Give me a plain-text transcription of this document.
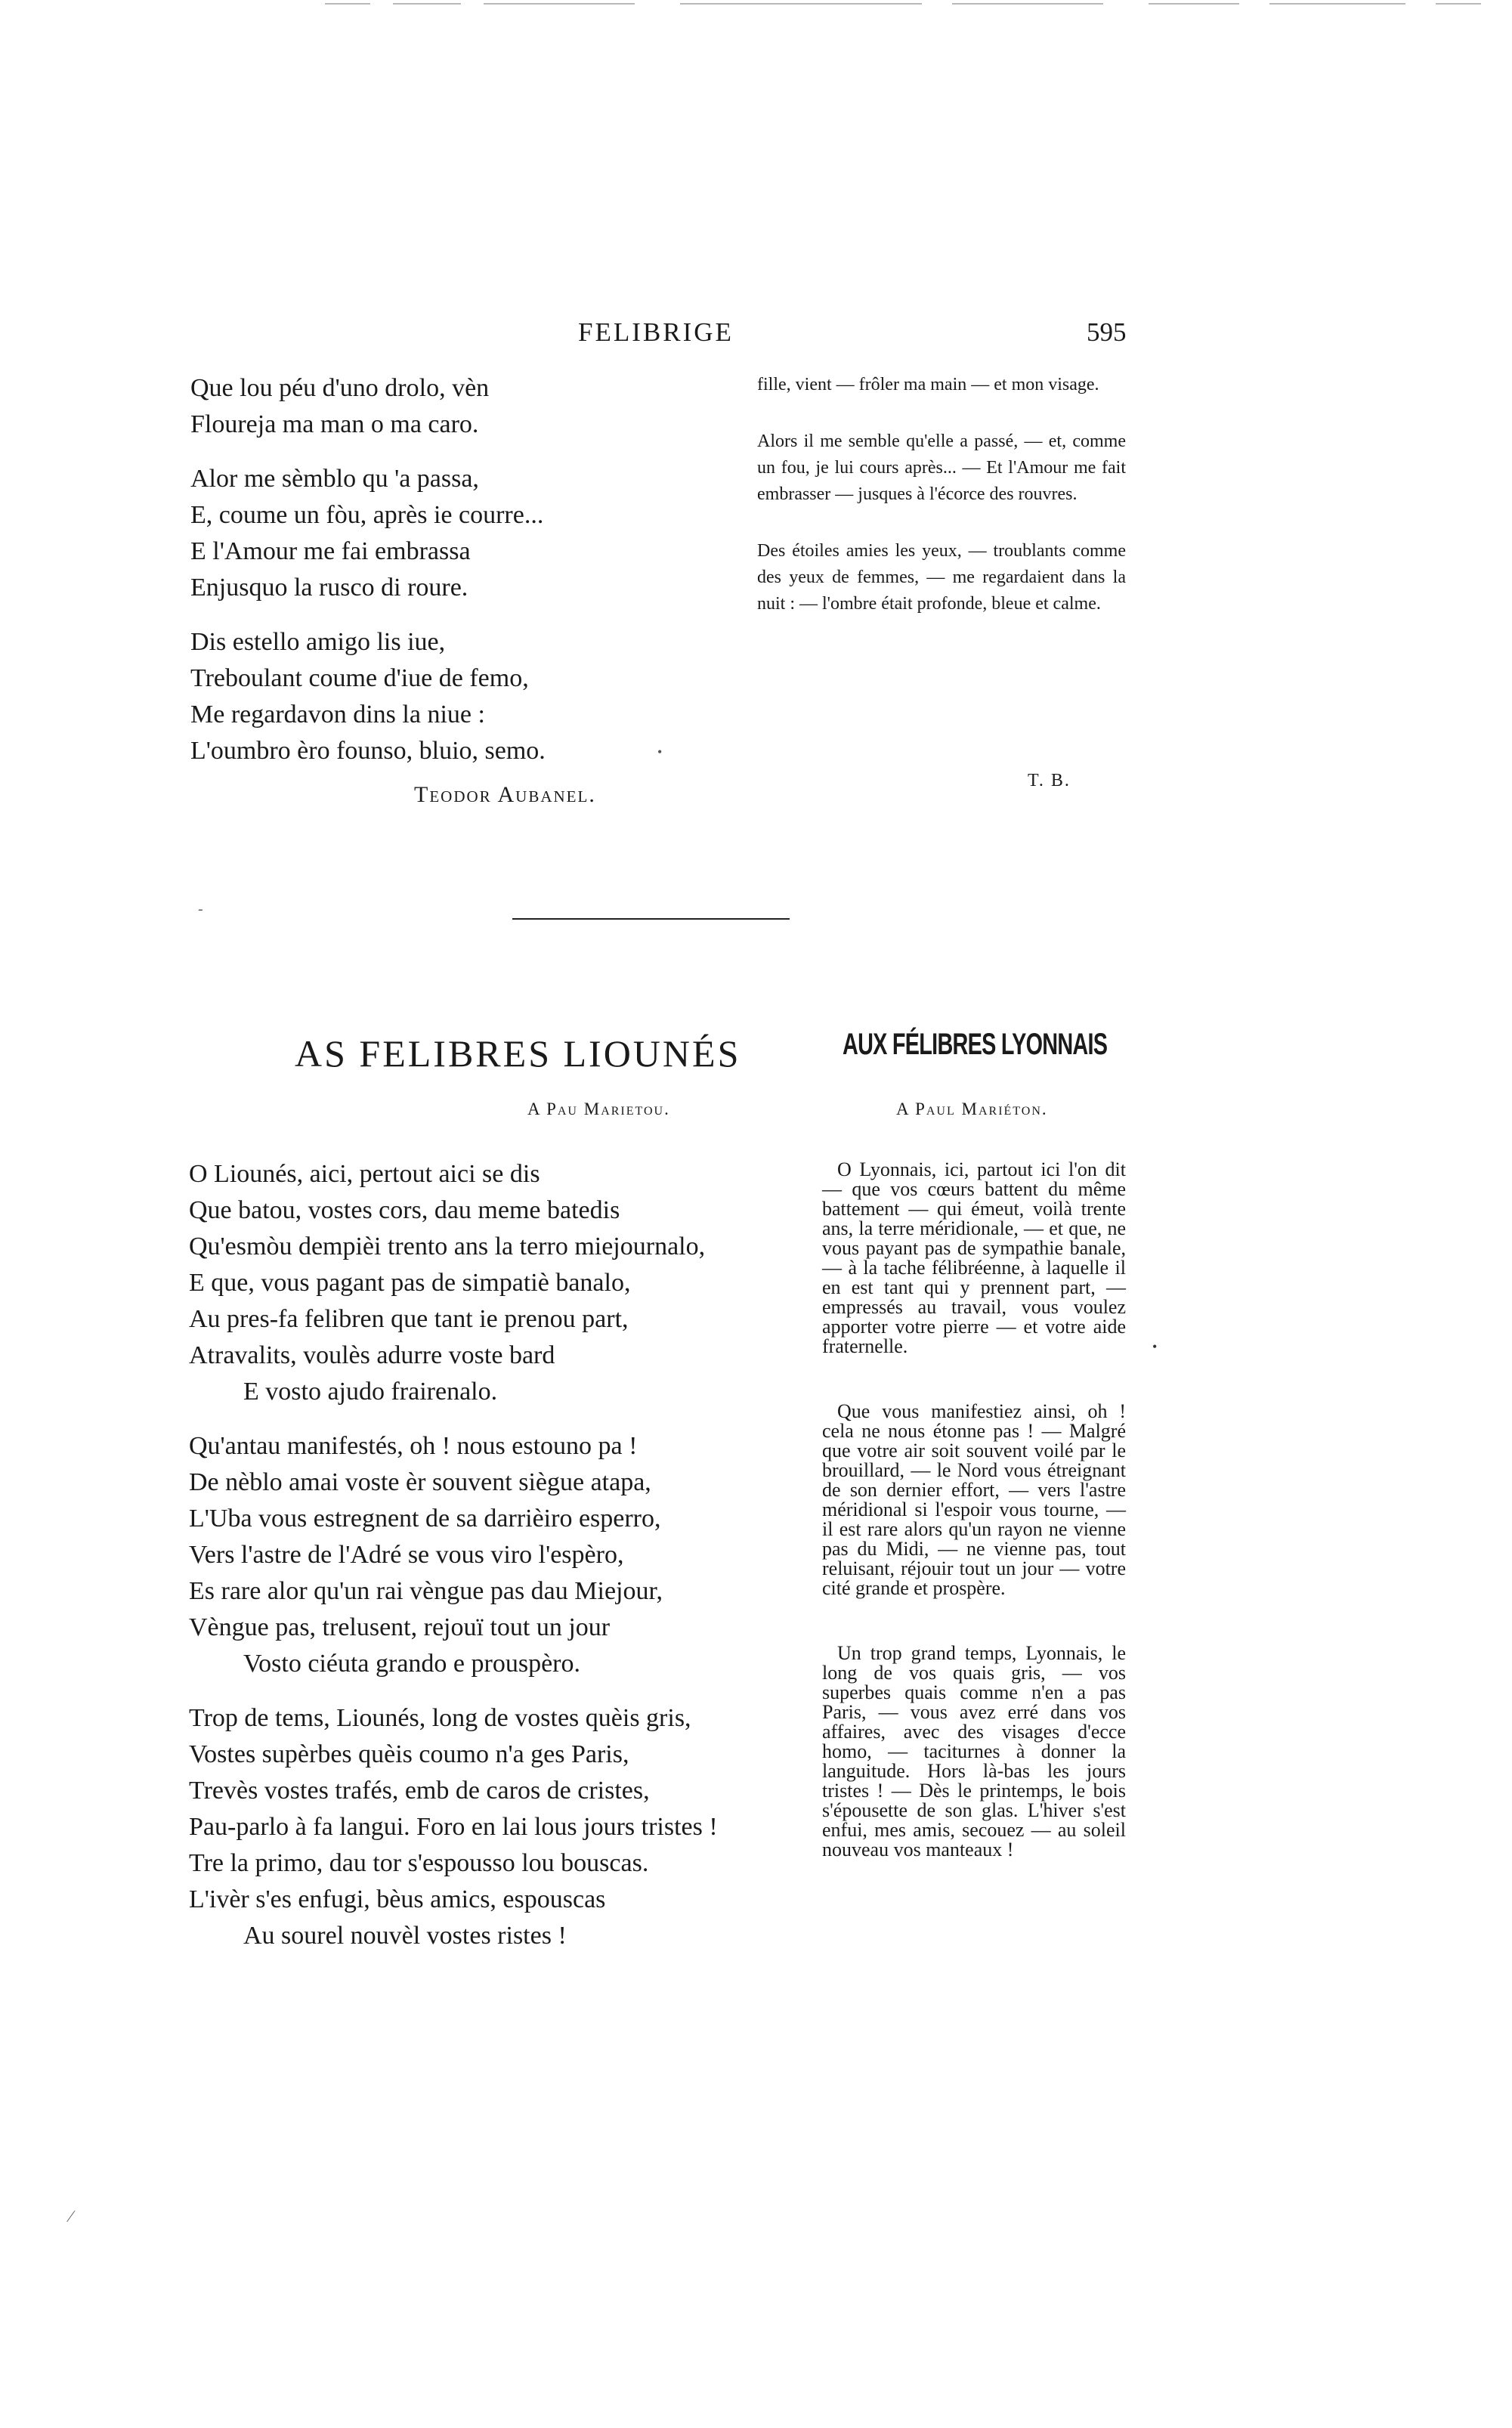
FELIBRIGE	595
Que lou péu d'uno drolo, vèn
Floureja ma man o ma caro.
Alor me sèmblo qu 'a passa,
E, coume un fòu, après ie courre...
E l'Amour me fai embrassa
Enjusquo la rusco di roure.
Dis estello amigo lis iue,
Treboulant coume d'iue de femo,
Me regardavon dins la niue :
L'oumbro èro founso, bluio, semo.
Teodor Aubanel.

fille, vient — frôler ma main — et mon visage.

Alors il me semble qu'elle a passé, — et, comme un fou, je lui cours après... — Et l'Amour me fait embrasser — jusques à l'écorce des rouvres.

Des étoiles amies les yeux, — troublants comme des yeux de femmes, — me regardaient dans la nuit : — l'ombre était profonde, bleue et calme.

T. B.
ـ
•
AS FELIBRES LIOUNÉS	AUX FÉLIBRES LYONNAIS
A Pau Marietou.	A Paul Mariéton.
O Liounés, aici, pertout aici se dis
Que batou, vostes cors, dau meme batedis
Qu'esmòu dempièi trento ans la terro miejournalo,
E que, vous pagant pas de simpatiè banalo,
Au pres-fa felibren que tant ie prenou part,
Atravalits, voulès adurre voste bard
E vosto ajudo frairenalo.
Qu'antau manifestés, oh ! nous estouno pa !
De nèblo amai voste èr souvent siègue atapa,
L'Uba vous estregnent de sa darrièiro esperro,
Vers l'astre de l'Adré se vous viro l'espèro,
Es rare alor qu'un rai vèngue pas dau Miejour,
Vèngue pas, trelusent, rejouï tout un jour
Vosto ciéuta grando e prouspèro.
Trop de tems, Liounés, long de vostes quèis gris,
Vostes supèrbes quèis coumo n'a ges Paris,
Trevès vostes trafés, emb de caros de cristes,
Pau-parlo à fa langui. Foro en lai lous jours tristes !
Tre la primo, dau tor s'espousso lou bouscas.
L'ivèr s'es enfugi, bèus amics, espouscas
Au sourel nouvèl vostes ristes !

O Lyonnais, ici, partout ici l'on dit — que vos cœurs battent du même battement — qui émeut, voilà trente ans, la terre méridionale, — et que, ne vous payant pas de sympathie banale, — à la tache félibréenne, à laquelle il en est tant qui y prennent part, — empressés au travail, vous voulez apporter votre pierre — et votre aide fraternelle.

Que vous manifestiez ainsi, oh ! cela ne nous étonne pas ! — Malgré que votre air soit souvent voilé par le brouillard, — le Nord vous étreignant de son dernier effort, — vers l'astre méridional si l'espoir vous tourne, — il est rare alors qu'un rayon ne vienne pas du Midi, — ne vienne pas, tout reluisant, réjouir tout un jour — votre cité grande et prospère.

Un trop grand temps, Lyonnais, le long de vos quais gris, — vos superbes quais comme n'en a pas Paris, — vous avez erré dans vos affaires, avec des visages d'ecce homo, — taciturnes à donner la languitude. Hors là-bas les jours tristes ! — Dès le printemps, le bois s'épousette de son glas. L'hiver s'est enfui, mes amis, secouez — au soleil nouveau vos manteaux !

•
⁄
